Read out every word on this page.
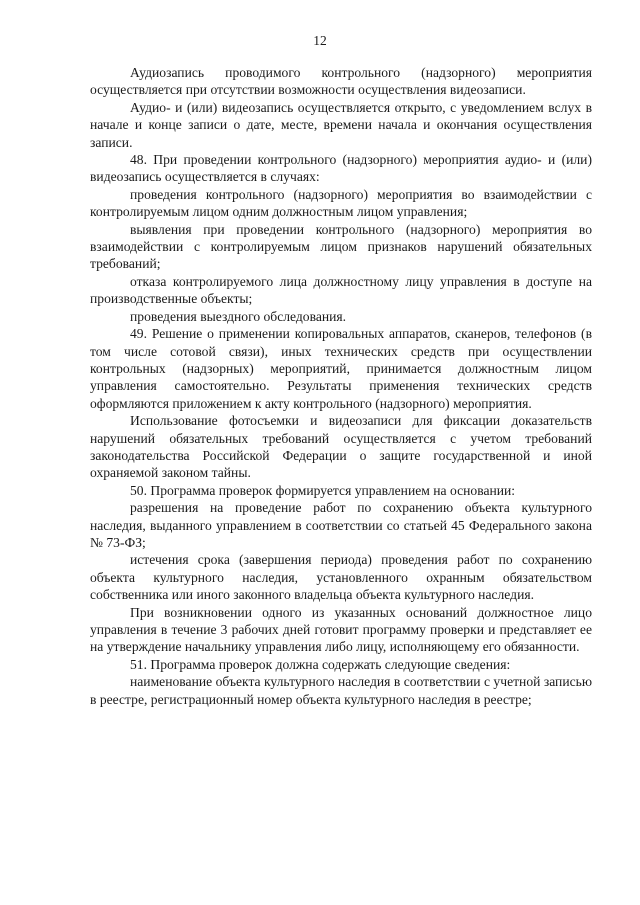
12

Аудиозапись проводимого контрольного (надзорного) мероприятия осуществляется при отсутствии возможности осуществления видеозаписи.

Аудио- и (или) видеозапись осуществляется открыто, с уведомлением вслух в начале и конце записи о дате, месте, времени начала и окончания осуществления записи.

48. При проведении контрольного (надзорного) мероприятия аудио- и (или) видеозапись осуществляется в случаях:

проведения контрольного (надзорного) мероприятия во взаимодействии с контролируемым лицом одним должностным лицом управления;

выявления при проведении контрольного (надзорного) мероприятия во взаимодействии с контролируемым лицом признаков нарушений обязательных требований;

отказа контролируемого лица должностному лицу управления в доступе на производственные объекты;

проведения выездного обследования.

49. Решение о применении копировальных аппаратов, сканеров, телефонов (в том числе сотовой связи), иных технических средств при осуществлении контрольных (надзорных) мероприятий, принимается должностным лицом управления самостоятельно. Результаты применения технических средств оформляются приложением к акту контрольного (надзорного) мероприятия.

Использование фотосъемки и видеозаписи для фиксации доказательств нарушений обязательных требований осуществляется с учетом требований законодательства Российской Федерации о защите государственной и иной охраняемой законом тайны.

50. Программа проверок формируется управлением на основании:

разрешения на проведение работ по сохранению объекта культурного наследия, выданного управлением в соответствии со статьей 45 Федерального закона № 73-ФЗ;

истечения срока (завершения периода) проведения работ по сохранению объекта культурного наследия, установленного охранным обязательством собственника или иного законного владельца объекта культурного наследия.

При возникновении одного из указанных оснований должностное лицо управления в течение 3 рабочих дней готовит программу проверки и представляет ее на утверждение начальнику управления либо лицу, исполняющему его обязанности.

51. Программа проверок должна содержать следующие сведения:

наименование объекта культурного наследия в соответствии с учетной записью в реестре, регистрационный номер объекта культурного наследия в реестре;
